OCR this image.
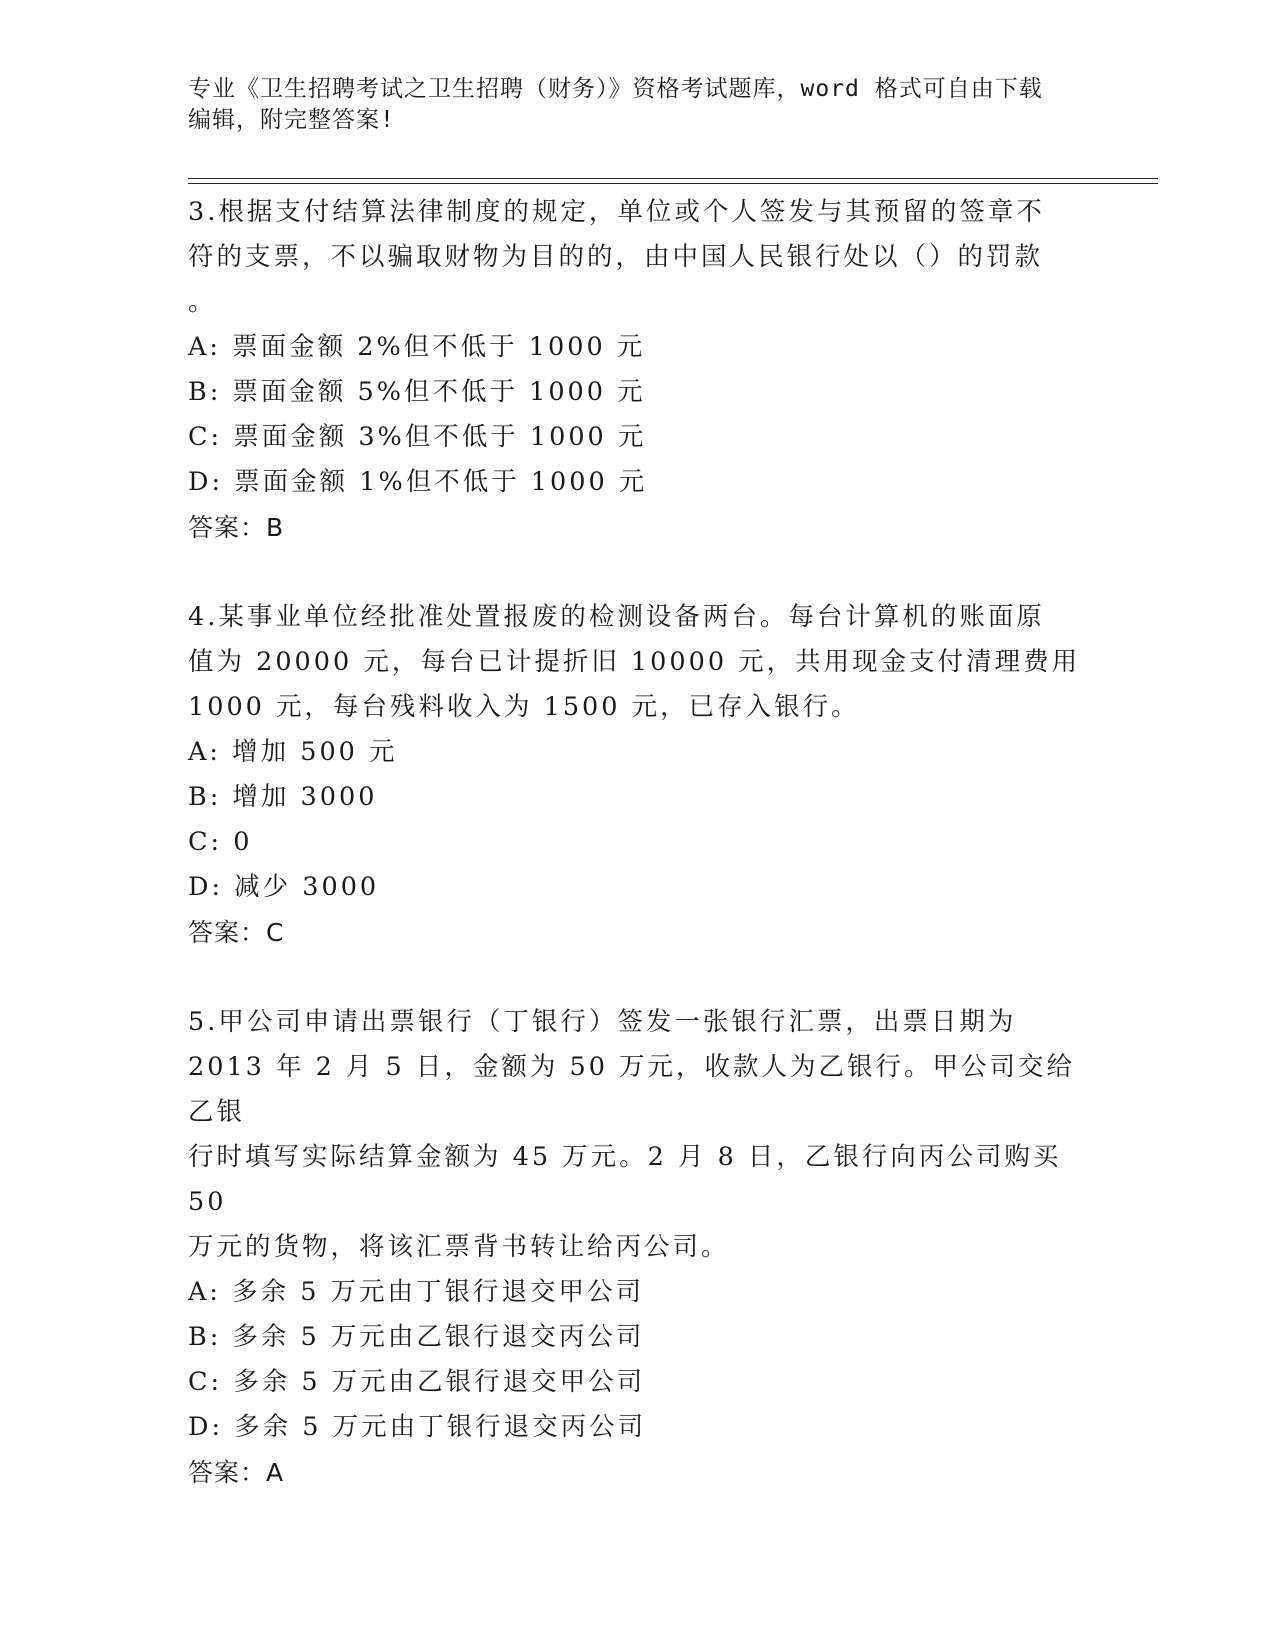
专业《卫生招聘考试之卫生招聘（财务）》资格考试题库，word 格式可自由下载
编辑，附完整答案!

3.根据支付结算法律制度的规定，单位或个人签发与其预留的签章不

符的支票，不以骗取财物为目的的，由中国人民银行处以（）的罚款

。

A: 票面金额 2%但不低于 1000 元

B: 票面金额 5%但不低于 1000 元

C: 票面金额 3%但不低于 1000 元

D: 票面金额 1%但不低于 1000 元

答案：B

4.某事业单位经批准处置报废的检测设备两台。每台计算机的账面原

值为 20000 元，每台已计提折旧 10000 元，共用现金支付清理费用

1000 元，每台残料收入为 1500 元，已存入银行。

A: 增加 500 元

B: 增加 3000

C: 0

D: 减少 3000

答案：C

5.甲公司申请出票银行（丁银行）签发一张银行汇票，出票日期为

2013 年 2 月 5 日，金额为 50 万元，收款人为乙银行。甲公司交给乙银

行时填写实际结算金额为 45 万元。2 月 8 日，乙银行向丙公司购买 50

万元的货物，将该汇票背书转让给丙公司。

A: 多余 5 万元由丁银行退交甲公司

B: 多余 5 万元由乙银行退交丙公司

C: 多余 5 万元由乙银行退交甲公司

D: 多余 5 万元由丁银行退交丙公司

答案：A
